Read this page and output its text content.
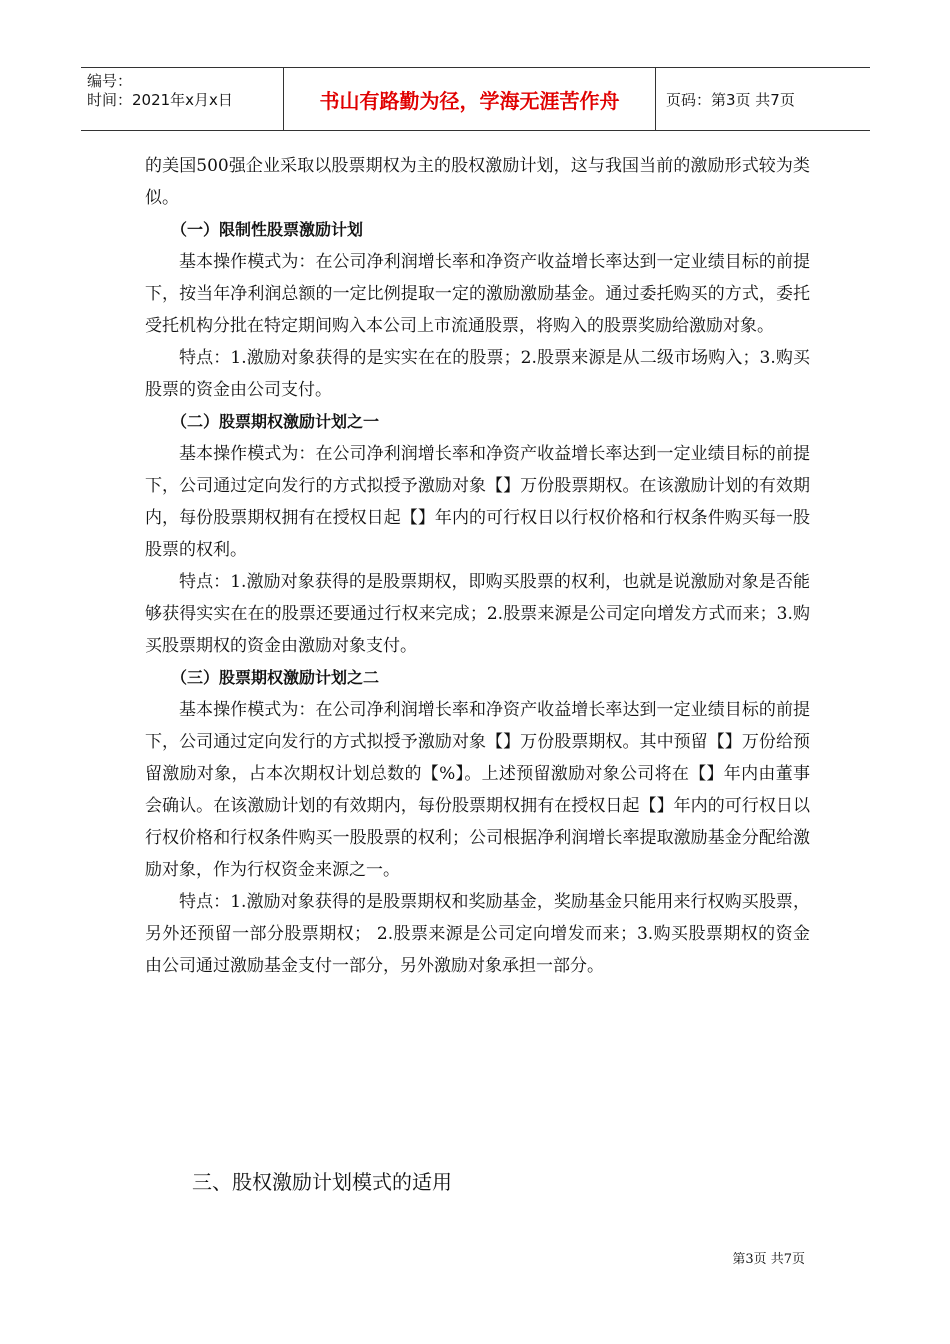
编号：
时间：2021年x月x日	书山有路勤为径，学海无涯苦作舟	页码：第3页 共7页

的美国500强企业采取以股票期权为主的股权激励计划，这与我国当前的激励形式较为类似。

（一）限制性股票激励计划

基本操作模式为：在公司净利润增长率和净资产收益增长率达到一定业绩目标的前提下，按当年净利润总额的一定比例提取一定的激励激励基金。通过委托购买的方式，委托受托机构分批在特定期间购入本公司上市流通股票，将购入的股票奖励给激励对象。

特点：1.激励对象获得的是实实在在的股票；2.股票来源是从二级市场购入；3.购买股票的资金由公司支付。

（二）股票期权激励计划之一

基本操作模式为：在公司净利润增长率和净资产收益增长率达到一定业绩目标的前提下，公司通过定向发行的方式拟授予激励对象【】万份股票期权。在该激励计划的有效期内，每份股票期权拥有在授权日起【】年内的可行权日以行权价格和行权条件购买每一股股票的权利。

特点：1.激励对象获得的是股票期权，即购买股票的权利，也就是说激励对象是否能够获得实实在在的股票还要通过行权来完成；2.股票来源是公司定向增发方式而来；3.购买股票期权的资金由激励对象支付。

（三）股票期权激励计划之二

基本操作模式为：在公司净利润增长率和净资产收益增长率达到一定业绩目标的前提下，公司通过定向发行的方式拟授予激励对象【】万份股票期权。其中预留【】万份给预留激励对象，占本次期权计划总数的【%】。上述预留激励对象公司将在【】年内由董事会确认。在该激励计划的有效期内，每份股票期权拥有在授权日起【】年内的可行权日以行权价格和行权条件购买一股股票的权利；公司根据净利润增长率提取激励基金分配给激励对象，作为行权资金来源之一。

特点：1.激励对象获得的是股票期权和奖励基金，奖励基金只能用来行权购买股票，另外还预留一部分股票期权； 2.股票来源是公司定向增发而来；3.购买股票期权的资金由公司通过激励基金支付一部分，另外激励对象承担一部分。

三、股权激励计划模式的适用

第3页 共7页
